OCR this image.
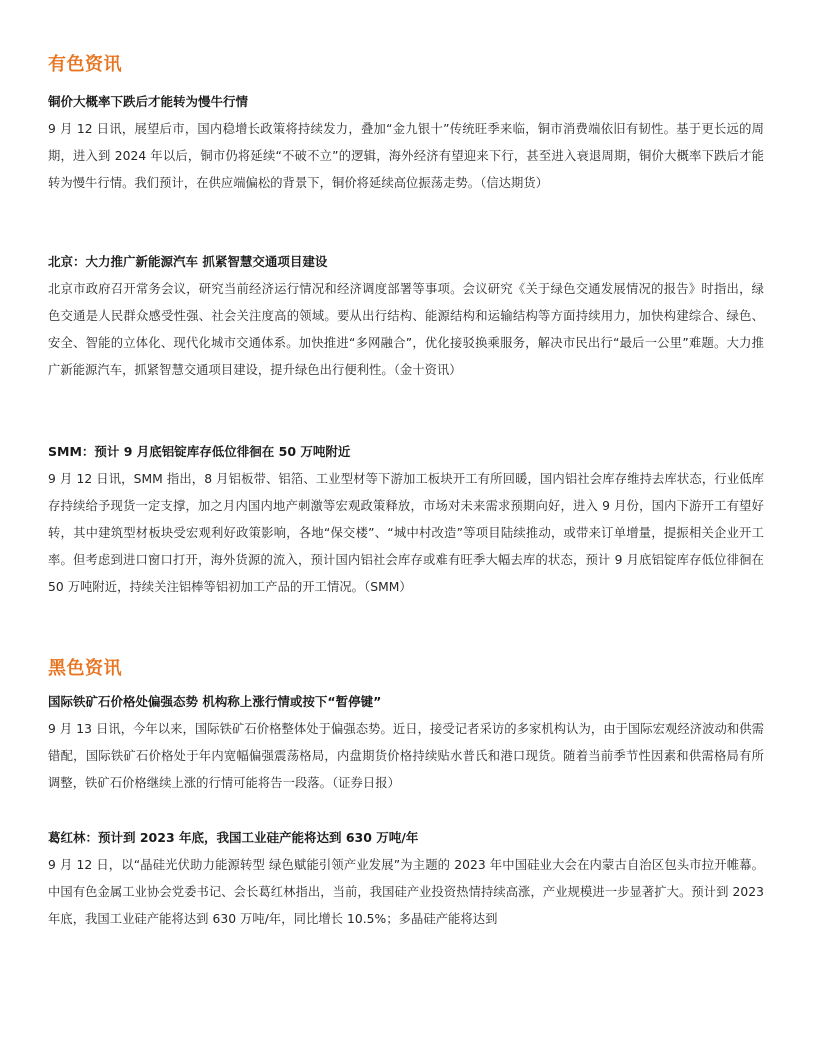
有色资讯
铜价大概率下跌后才能转为慢牛行情

9 月 12 日讯，展望后市，国内稳增长政策将持续发力，叠加“金九银十”传统旺季来临，铜市消费端依旧有韧性。基于更长远的周期，进入到 2024 年以后，铜市仍将延续“不破不立”的逻辑，海外经济有望迎来下行，甚至进入衰退周期，铜价大概率下跌后才能转为慢牛行情。我们预计，在供应端偏松的背景下，铜价将延续高位振荡走势。（信达期货）

北京：大力推广新能源汽车 抓紧智慧交通项目建设

北京市政府召开常务会议，研究当前经济运行情况和经济调度部署等事项。会议研究《关于绿色交通发展情况的报告》时指出，绿色交通是人民群众感受性强、社会关注度高的领域。要从出行结构、能源结构和运输结构等方面持续用力，加快构建综合、绿色、安全、智能的立体化、现代化城市交通体系。加快推进“多网融合”，优化接驳换乘服务，解决市民出行“最后一公里”难题。大力推广新能源汽车，抓紧智慧交通项目建设，提升绿色出行便利性。（金十资讯）

SMM：预计 9 月底铝锭库存低位徘徊在 50 万吨附近

9 月 12 日讯，SMM 指出，8 月铝板带、铝箔、工业型材等下游加工板块开工有所回暖，国内铝社会库存维持去库状态，行业低库存持续给予现货一定支撑，加之月内国内地产刺激等宏观政策释放，市场对未来需求预期向好，进入 9 月份，国内下游开工有望好转，其中建筑型材板块受宏观利好政策影响，各地“保交楼”、“城中村改造”等项目陆续推动，或带来订单增量，提振相关企业开工率。但考虑到进口窗口打开，海外货源的流入，预计国内铝社会库存或难有旺季大幅去库的状态，预计 9 月底铝锭库存低位徘徊在 50 万吨附近，持续关注铝棒等铝初加工产品的开工情况。（SMM）

黑色资讯
国际铁矿石价格处偏强态势 机构称上涨行情或按下“暂停键”

9 月 13 日讯，今年以来，国际铁矿石价格整体处于偏强态势。近日，接受记者采访的多家机构认为，由于国际宏观经济波动和供需错配，国际铁矿石价格处于年内宽幅偏强震荡格局，内盘期货价格持续贴水普氏和港口现货。随着当前季节性因素和供需格局有所调整，铁矿石价格继续上涨的行情可能将告一段落。（证券日报）

葛红林：预计到 2023 年底，我国工业硅产能将达到 630 万吨/年

9 月 12 日，以“晶硅光伏助力能源转型 绿色赋能引领产业发展”为主题的 2023 年中国硅业大会在内蒙古自治区包头市拉开帷幕。中国有色金属工业协会党委书记、会长葛红林指出，当前，我国硅产业投资热情持续高涨，产业规模进一步显著扩大。预计到 2023 年底，我国工业硅产能将达到 630 万吨/年，同比增长 10.5%；多晶硅产能将达到
